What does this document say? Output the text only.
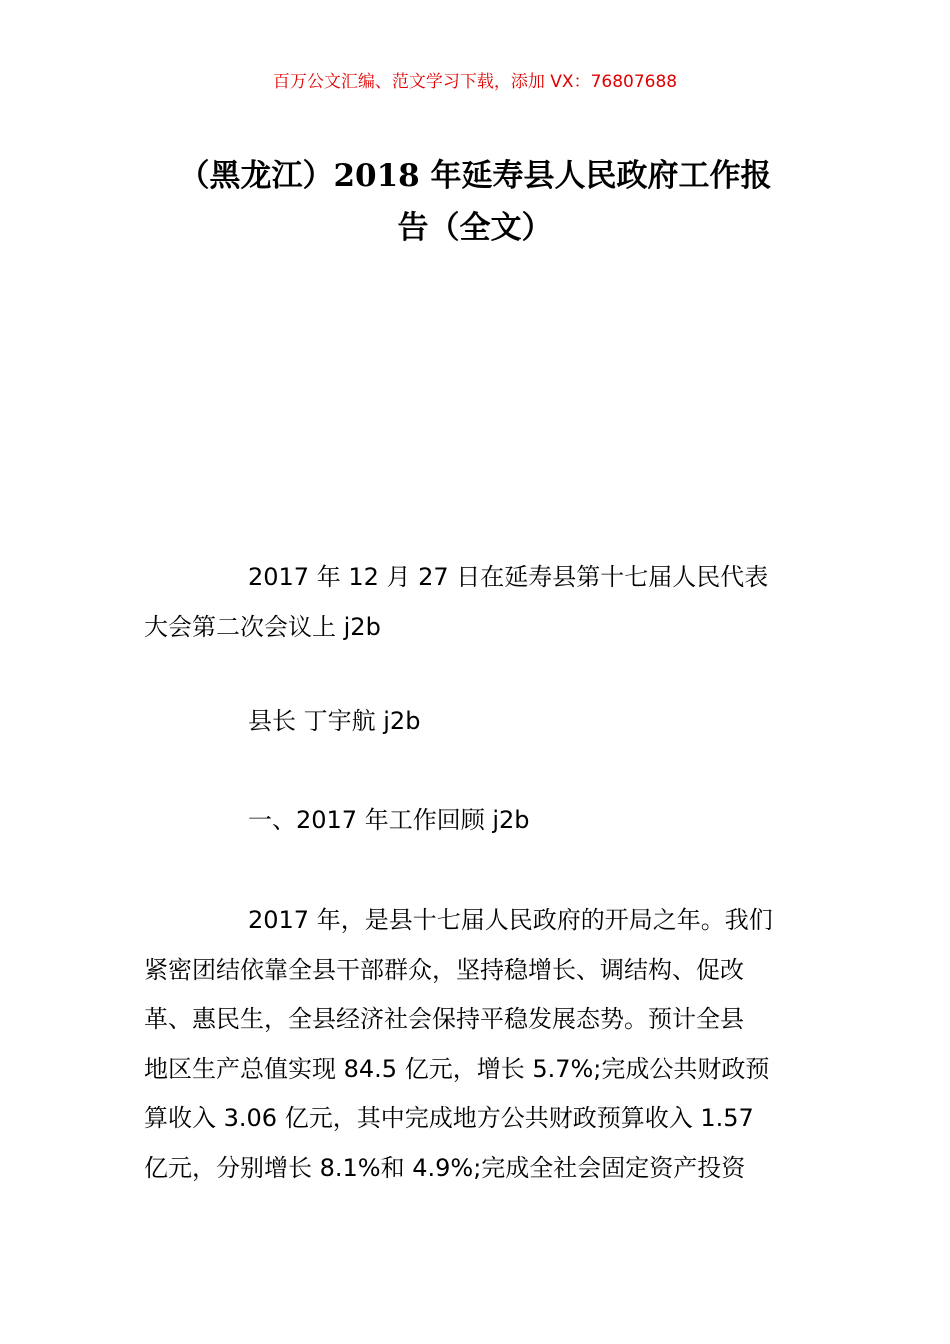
百万公文汇编、范文学习下载，添加 VX：76807688
（黑龙江）2018 年延寿县人民政府工作报
告（全文）
2017 年 12 月 27 日在延寿县第十七届人民代表
大会第二次会议上 j2b
县长 丁宇航 j2b
一、2017 年工作回顾 j2b
2017 年，是县十七届人民政府的开局之年。我们
紧密团结依靠全县干部群众，坚持稳增长、调结构、促改
革、惠民生，全县经济社会保持平稳发展态势。预计全县
地区生产总值实现 84.5 亿元，增长 5.7%;完成公共财政预
算收入 3.06 亿元，其中完成地方公共财政预算收入 1.57
亿元，分别增长 8.1%和 4.9%;完成全社会固定资产投资
